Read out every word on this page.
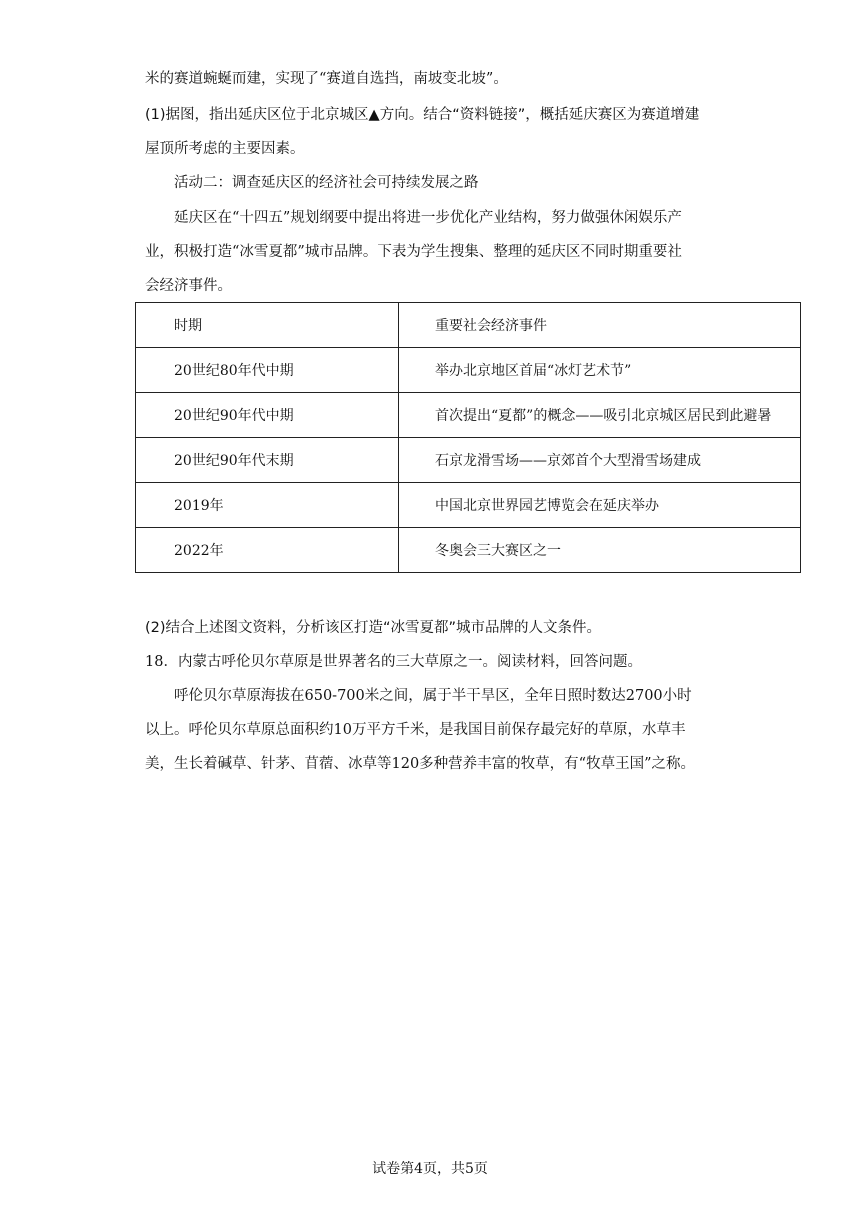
米的赛道蜿蜒而建，实现了“赛道自选挡，南坡变北坡”。
(1)据图，指出延庆区位于北京城区▲方向。结合“资料链接”，概括延庆赛区为赛道增建
屋顶所考虑的主要因素。
活动二：调查延庆区的经济社会可持续发展之路
延庆区在“十四五”规划纲要中提出将进一步优化产业结构，努力做强休闲娱乐产
业，积极打造“冰雪夏都”城市品牌。下表为学生搜集、整理的延庆区不同时期重要社
会经济事件。
时期	重要社会经济事件
20世纪80年代中期	举办北京地区首届“冰灯艺术节”
20世纪90年代中期	首次提出“夏都”的概念——吸引北京城区居民到此避暑
20世纪90年代末期	石京龙滑雪场——京郊首个大型滑雪场建成
2019年	中国北京世界园艺博览会在延庆举办
2022年	冬奥会三大赛区之一
(2)结合上述图文资料，分析该区打造“冰雪夏都”城市品牌的人文条件。
18．内蒙古呼伦贝尔草原是世界著名的三大草原之一。阅读材料，回答问题。
呼伦贝尔草原海拔在650-700米之间，属于半干旱区，全年日照时数达2700小时
以上。呼伦贝尔草原总面积约10万平方千米，是我国目前保存最完好的草原，水草丰
美，生长着碱草、针茅、苜蓿、冰草等120多种营养丰富的牧草，有“牧草王国”之称。
试卷第4页，共5页
